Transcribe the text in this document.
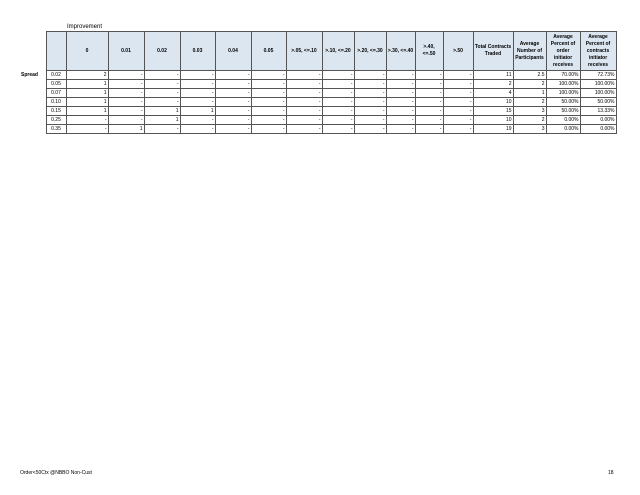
Improvement
		0	0.01	0.02	0.03	0.04	0.05	>.05, <=.10	>.10, <=.20	>.20, <=.30	>.30, <=.40	>.40, <=.50	>.50	Total Contracts Traded	Average Number of Participants	Average Percent of order initiator receives	Average Percent of contracts initiator receives
Spread	0.02	2	-	-	-	-	-	-	-	-	-	-	-	11	2.5	70.00%	72.73%
	0.05	1	-	-	-	-	-	-	-	-	-	-	-	2	2	100.00%	100.00%
	0.07	1	-	-	-	-	-	-	-	-	-	-	-	4	1	100.00%	100.00%
	0.10	1	-	-	-	-	-	-	-	-	-	-	-	10	2	50.00%	50.00%
	0.15	1	-	1	1	-	-	-	-	-	-	-	-	15	3	50.00%	13.33%
	0.25	-	-	1	-	-	-	-	-	-	-	-	-	10	2	0.00%	0.00%
	0.35	-	1	-	-	-	-	-	-	-	-	-	-	19	3	0.00%	0.00%
Order<50Ctx @NBBO Non-Cust	18
